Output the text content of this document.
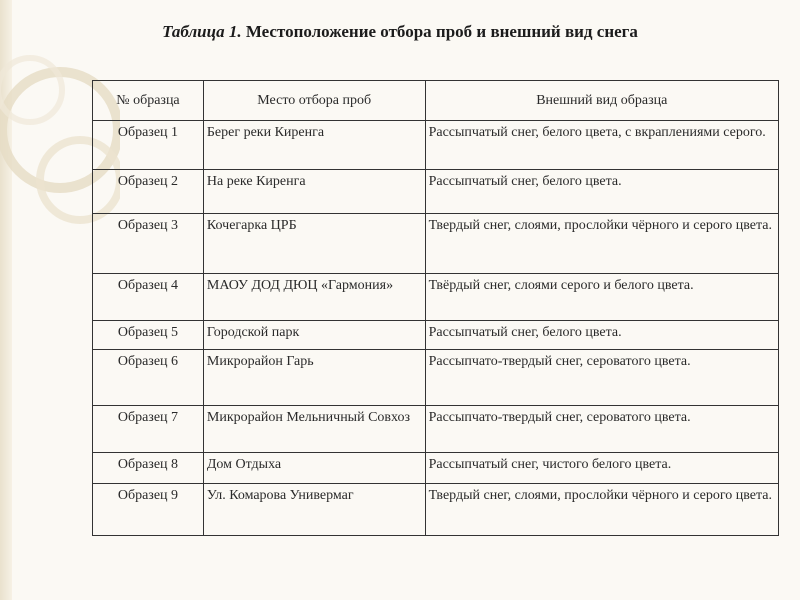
Таблица 1. Местоположение отбора проб и внешний вид снега
№ образца	Место отбора проб	Внешний вид образца
Образец 1	Берег реки Киренга	Рассыпчатый снег, белого цвета, с вкраплениями серого.
Образец 2	На реке Киренга	Рассыпчатый снег, белого цвета.
Образец 3	Кочегарка ЦРБ	Твердый снег, слоями, прослойки чёрного и серого цвета.
Образец 4	МАОУ ДОД ДЮЦ «Гармония»	Твёрдый снег, слоями серого и белого цвета.
Образец 5	Городской парк	Рассыпчатый снег, белого цвета.
Образец 6	Микрорайон Гарь	Рассыпчато-твердый снег, сероватого цвета.
Образец 7	Микрорайон Мельничный Совхоз	Рассыпчато-твердый снег, сероватого цвета.
Образец 8	Дом Отдыха	Рассыпчатый снег, чистого белого цвета.
Образец 9	Ул. Комарова Универмаг	Твердый снег, слоями, прослойки чёрного и серого цвета.
